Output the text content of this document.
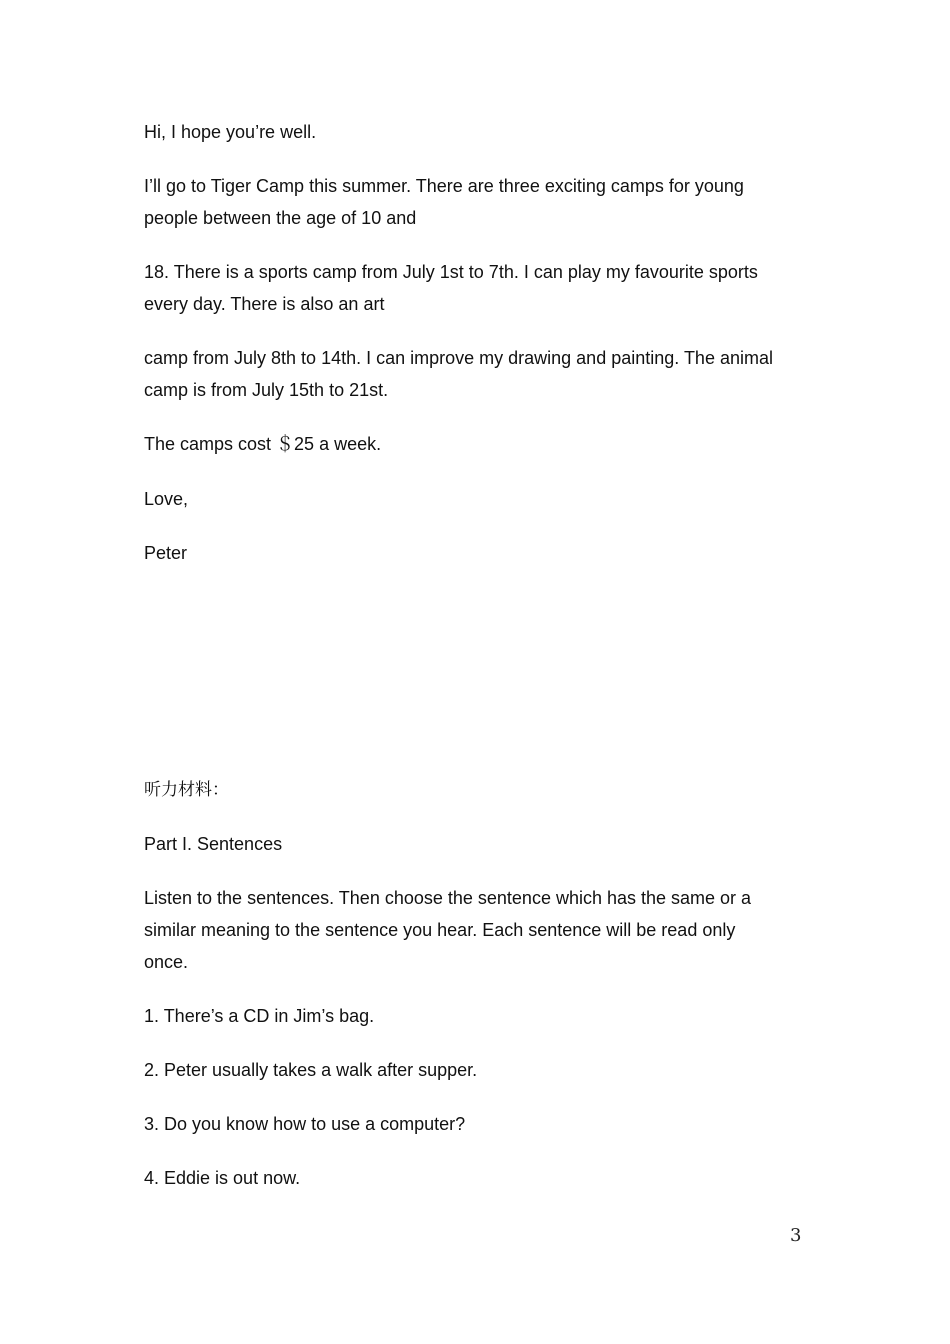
Hi, I hope you’re well.

I’ll go to Tiger Camp this summer. There are three exciting camps for young
people between the age of 10 and

18. There is a sports camp from July 1st to 7th. I can play my favourite sports
every day. There is also an art

camp from July 8th to 14th. I can improve my drawing and painting. The animal
camp is from July 15th to 21st.

The camps cost ＄25 a week.

Love,

Peter

听力材料：

Part I. Sentences

Listen to the sentences. Then choose the sentence which has the same or a
similar meaning to the sentence you hear. Each sentence will be read only
once.

1. There’s a CD in Jim’s bag.

2. Peter usually takes a walk after supper.

3. Do you know how to use a computer?

4. Eddie is out now.

3
